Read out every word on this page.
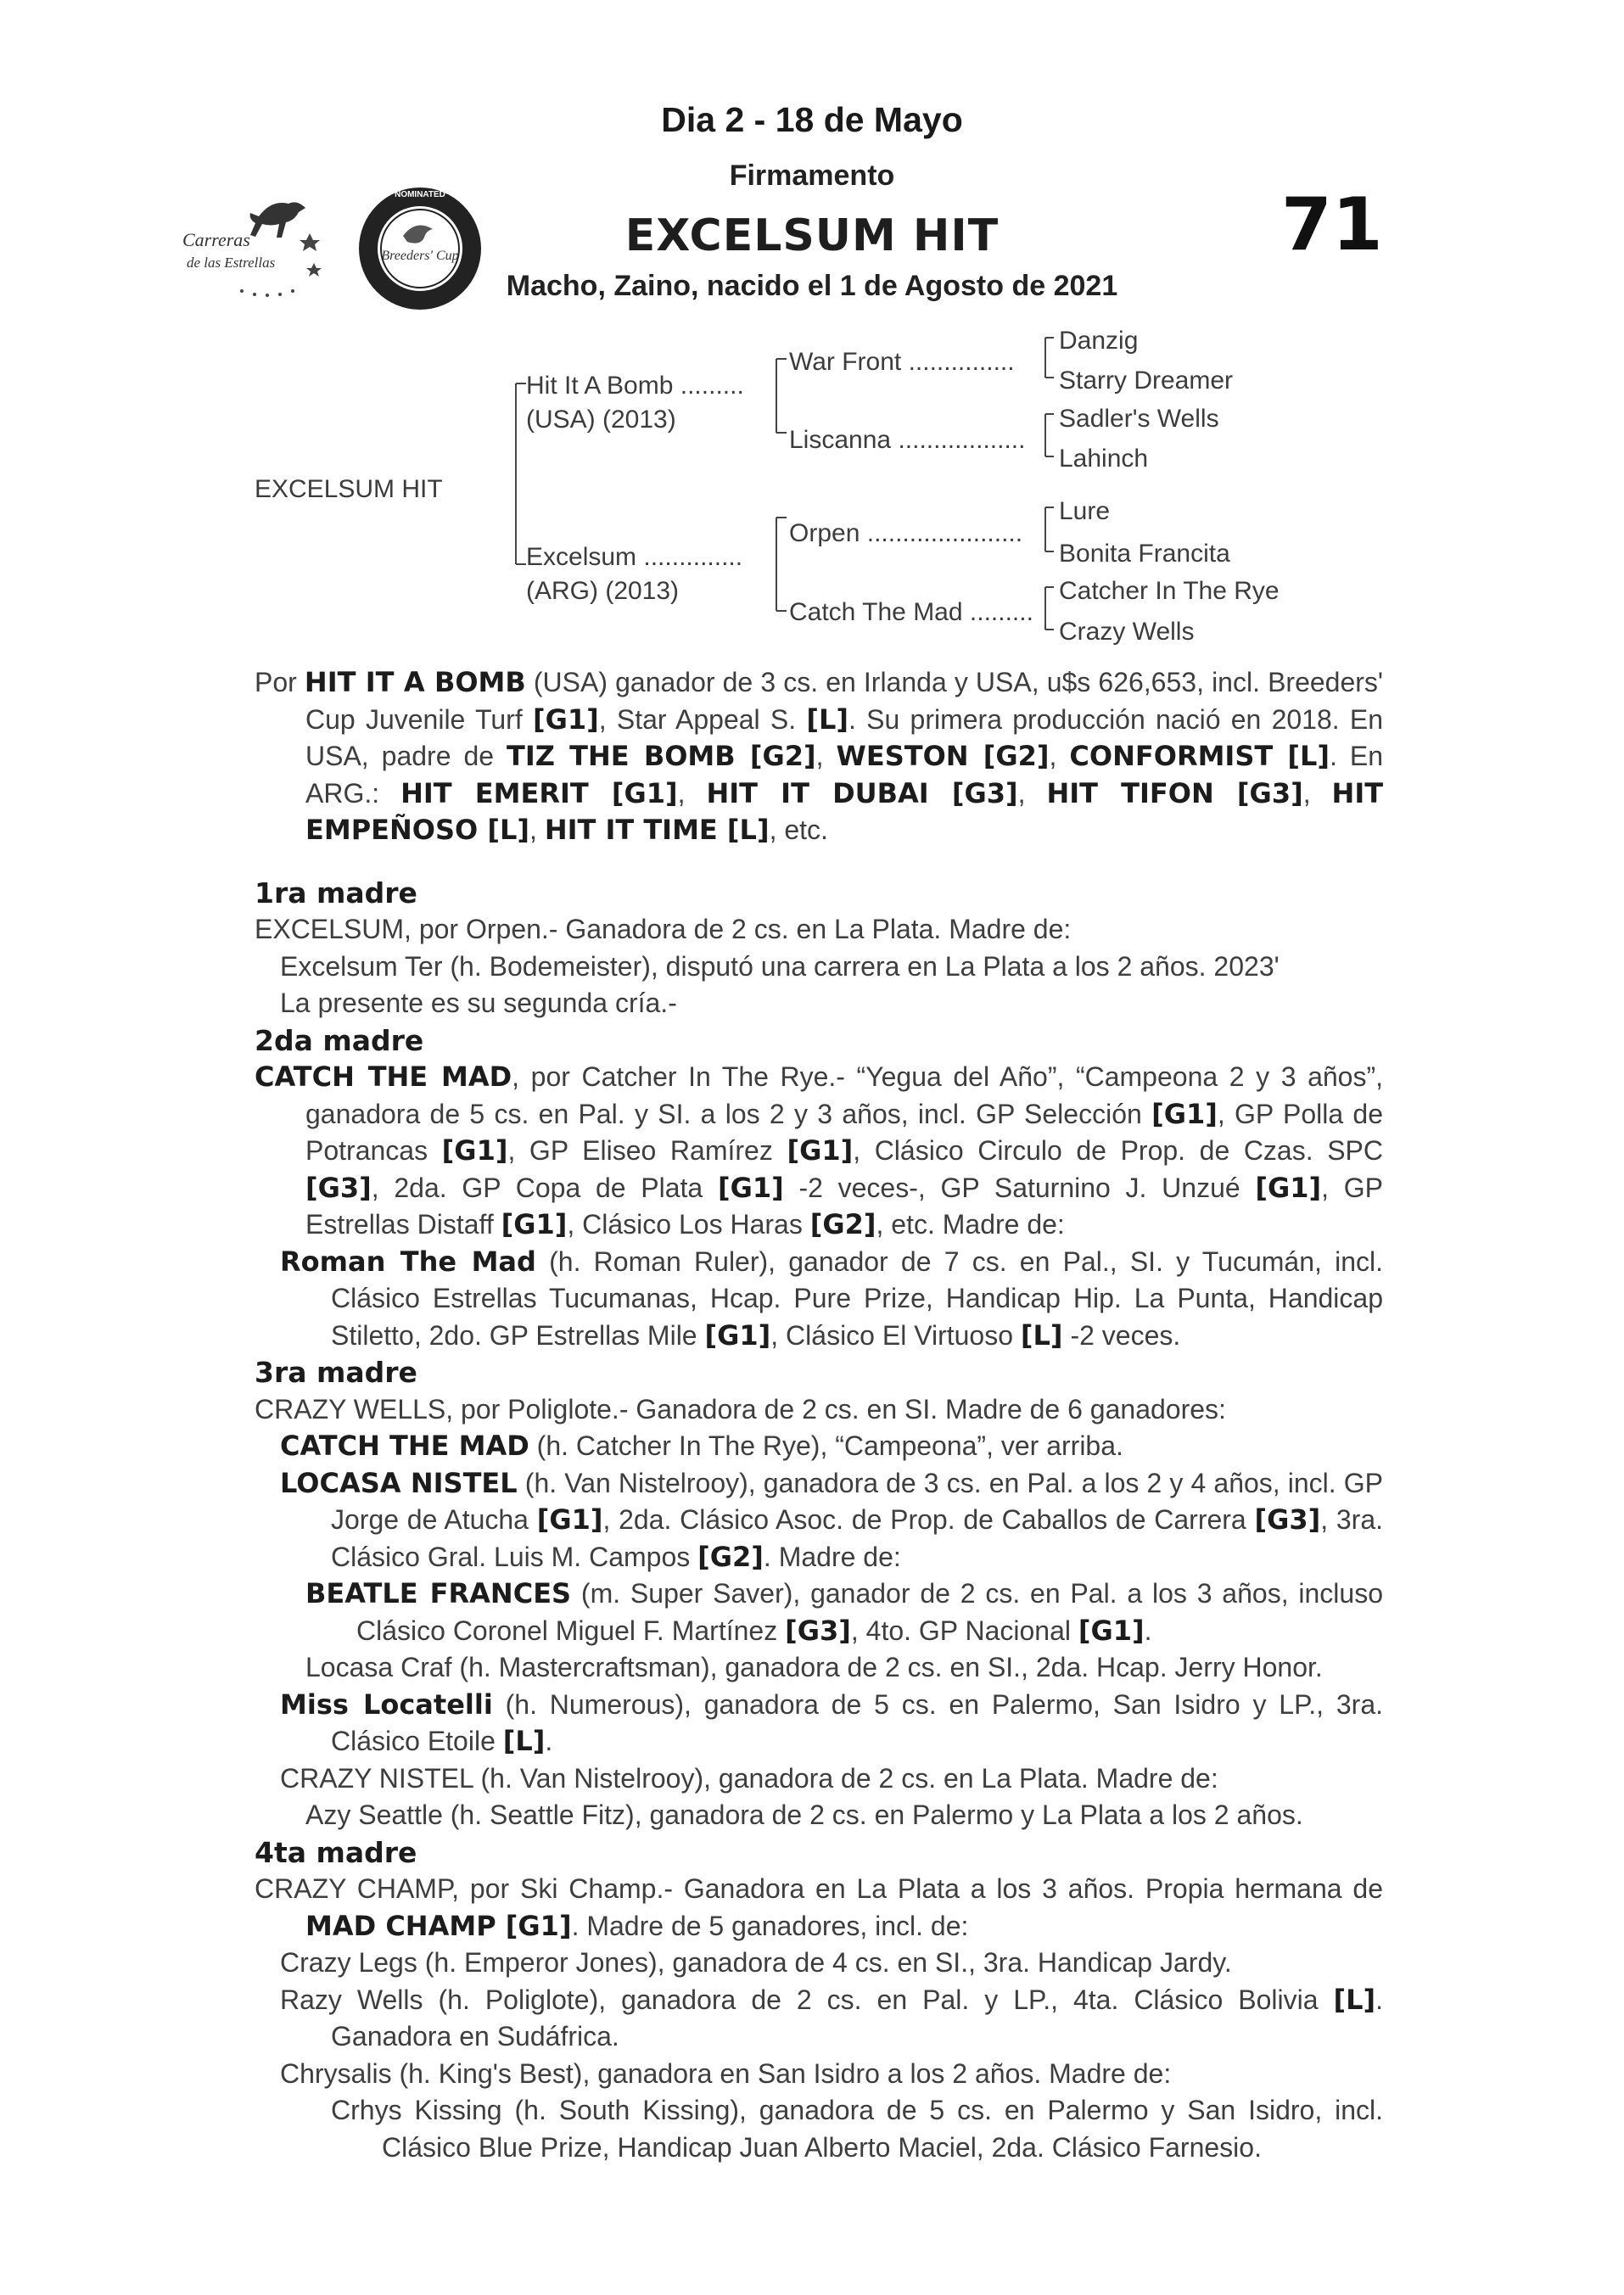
Dia 2 - 18 de Mayo
Firmamento
EXCELSUM HIT
Macho, Zaino, nacido el 1 de Agosto de 2021
71
Carreras
de las Estrellas
NOMINATED
Breeders' Cup
EXCELSUM HIT
Hit It A Bomb .........
(USA) (2013)
Excelsum ..............
(ARG) (2013)
War Front ...............
Liscanna ..................
Orpen ......................
Catch The Mad .........
Danzig
Starry Dreamer
Sadler's Wells
Lahinch
Lure
Bonita Francita
Catcher In The Rye
Crazy Wells

Por HIT IT A BOMB (USA) ganador de 3 cs. en Irlanda y USA, u$s 626,653, incl. Breeders' Cup Juvenile Turf [G1], Star Appeal S. [L]. Su primera producción nació en 2018. En USA, padre de TIZ THE BOMB [G2], WESTON [G2], CONFORMIST [L]. En ARG.: HIT EMERIT [G1], HIT IT DUBAI [G3], HIT TIFON [G3], HIT EMPEÑOSO [L], HIT IT TIME [L], etc.

1ra madre

EXCELSUM, por Orpen.- Ganadora de 2 cs. en La Plata. Madre de:

Excelsum Ter (h. Bodemeister), disputó una carrera en La Plata a los 2 años. 2023'

La presente es su segunda cría.-

2da madre

CATCH THE MAD, por Catcher In The Rye.- “Yegua del Año”, “Campeona 2 y 3 años”, ganadora de 5 cs. en Pal. y SI. a los 2 y 3 años, incl. GP Selección [G1], GP Polla de Potrancas [G1], GP Eliseo Ramírez [G1], Clásico Circulo de Prop. de Czas. SPC [G3], 2da. GP Copa de Plata [G1] -2 veces-, GP Saturnino J. Unzué [G1], GP Estrellas Distaff [G1], Clásico Los Haras [G2], etc. Madre de:

Roman The Mad (h. Roman Ruler), ganador de 7 cs. en Pal., SI. y Tucumán, incl. Clásico Estrellas Tucumanas, Hcap. Pure Prize, Handicap Hip. La Punta, Handicap Stiletto, 2do. GP Estrellas Mile [G1], Clásico El Virtuoso [L] -2 veces.

3ra madre

CRAZY WELLS, por Poliglote.- Ganadora de 2 cs. en SI. Madre de 6 ganadores:

CATCH THE MAD (h. Catcher In The Rye), “Campeona”, ver arriba.

LOCASA NISTEL (h. Van Nistelrooy), ganadora de 3 cs. en Pal. a los 2 y 4 años, incl. GP Jorge de Atucha [G1], 2da. Clásico Asoc. de Prop. de Caballos de Carrera [G3], 3ra. Clásico Gral. Luis M. Campos [G2]. Madre de:

BEATLE FRANCES (m. Super Saver), ganador de 2 cs. en Pal. a los 3 años, incluso Clásico Coronel Miguel F. Martínez [G3], 4to. GP Nacional [G1].

Locasa Craf (h. Mastercraftsman), ganadora de 2 cs. en SI., 2da. Hcap. Jerry Honor.

Miss Locatelli (h. Numerous), ganadora de 5 cs. en Palermo, San Isidro y LP., 3ra. Clásico Etoile [L].

CRAZY NISTEL (h. Van Nistelrooy), ganadora de 2 cs. en La Plata. Madre de:

Azy Seattle (h. Seattle Fitz), ganadora de 2 cs. en Palermo y La Plata a los 2 años.

4ta madre

CRAZY CHAMP, por Ski Champ.- Ganadora en La Plata a los 3 años. Propia hermana de MAD CHAMP [G1]. Madre de 5 ganadores, incl. de:

Crazy Legs (h. Emperor Jones), ganadora de 4 cs. en SI., 3ra. Handicap Jardy.

Razy Wells (h. Poliglote), ganadora de 2 cs. en Pal. y LP., 4ta. Clásico Bolivia [L]. Ganadora en Sudáfrica.

Chrysalis (h. King's Best), ganadora en San Isidro a los 2 años. Madre de:

Crhys Kissing (h. South Kissing), ganadora de 5 cs. en Palermo y San Isidro, incl. Clásico Blue Prize, Handicap Juan Alberto Maciel, 2da. Clásico Farnesio.
